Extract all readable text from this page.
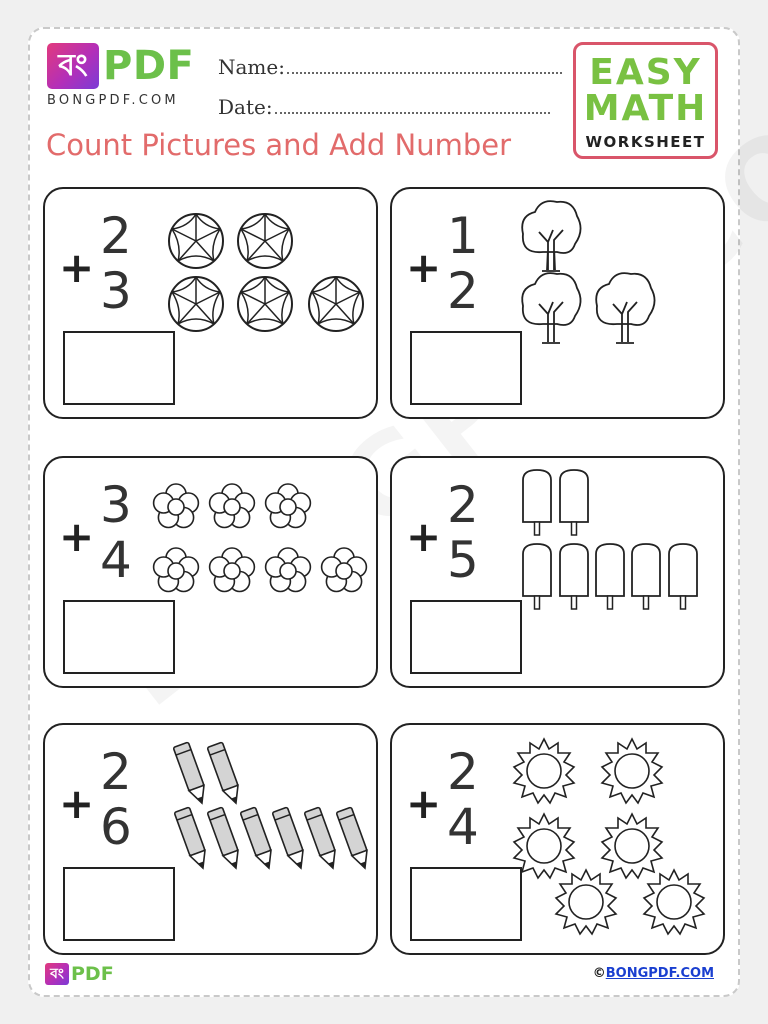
বং PDF
BONGPDF.COM
Name:
Date:
Count Pictures and Add Number
EASY
MATH
WORKSHEET
2
+ 3
1
+ 2
3
+ 4
2
+ 5
2
+ 6
2
+ 4
বং PDF	©BONGPDF.COM
